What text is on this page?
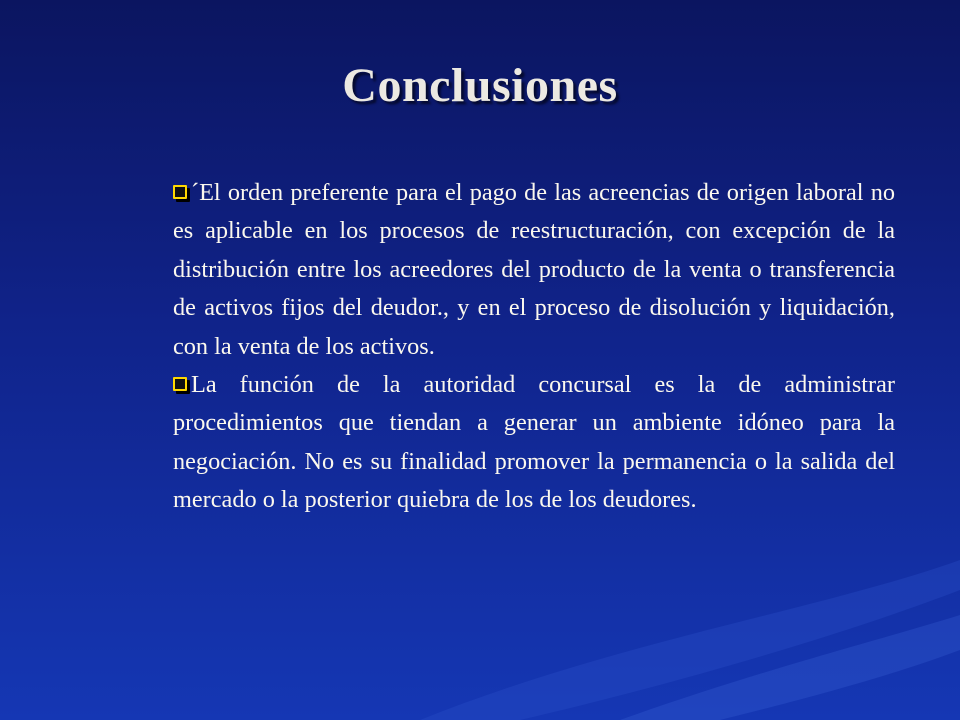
Conclusiones

´El orden preferente para el pago de las acreencias de origen laboral no es aplicable en los procesos de reestructuración, con excepción de la distribución entre los acreedores del producto de la venta o transferencia de activos fijos del deudor., y en el proceso de disolución y liquidación, con la venta de los activos.

La función de la autoridad concursal es la de administrar procedimientos que tiendan a generar un ambiente idóneo para la negociación. No es su finalidad promover la permanencia o la salida del mercado o la posterior quiebra de los de los deudores.
